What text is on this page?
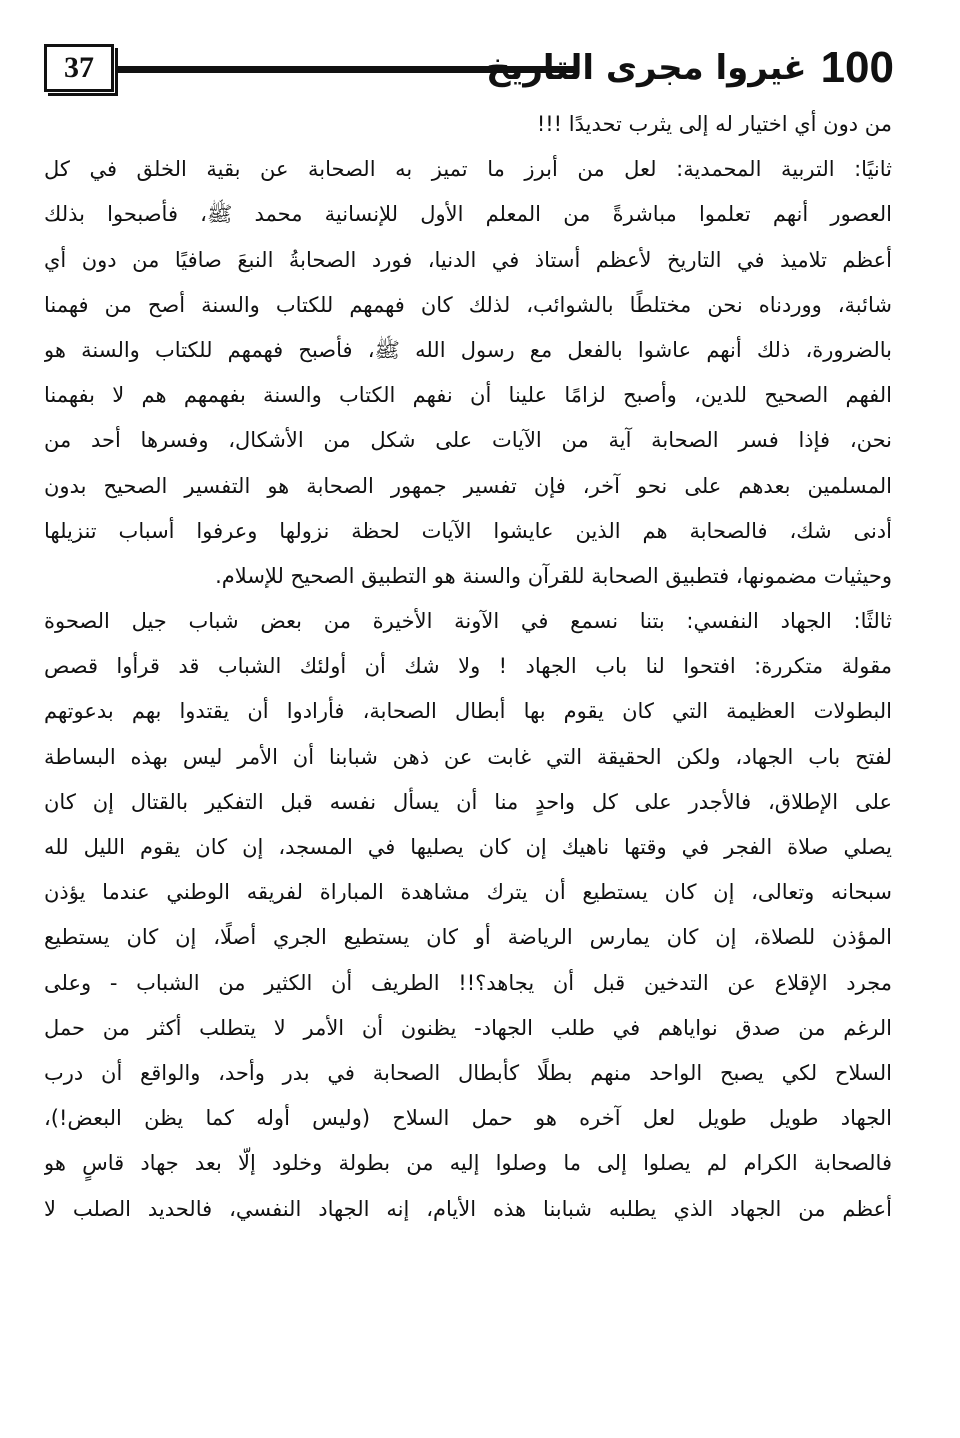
37	100
غيروا مجرى التاريخ
من دون أي اختيار له إلى يثرب تحديدًا !!!
ثانيًا: التربية المحمدية: لعل من أبرز ما تميز به الصحابة عن بقية الخلق في كل
العصور أنهم تعلموا مباشرةً من المعلم الأول للإنسانية محمد ﷺ، فأصبحوا بذلك
أعظم تلاميذ في التاريخ لأعظم أستاذ في الدنيا، فورد الصحابةُ النبعَ صافيًا من دون أي
شائبة، ووردناه نحن مختلطًا بالشوائب، لذلك كان فهمهم للكتاب والسنة أصح من فهمنا
بالضرورة، ذلك أنهم عاشوا بالفعل مع رسول الله ﷺ، فأصبح فهمهم للكتاب والسنة هو
الفهم الصحيح للدين، وأصبح لزامًا علينا أن نفهم الكتاب والسنة بفهمهم هم لا بفهمنا
نحن، فإذا فسر الصحابة آية من الآيات على شكل من الأشكال، وفسرها أحد من
المسلمين بعدهم على نحو آخر، فإن تفسير جمهور الصحابة هو التفسير الصحيح بدون
أدنى شك، فالصحابة هم الذين عايشوا الآيات لحظة نزولها وعرفوا أسباب تنزيلها
وحيثيات مضمونها، فتطبيق الصحابة للقرآن والسنة هو التطبيق الصحيح للإسلام.
ثالثًا: الجهاد النفسي: بتنا نسمع في الآونة الأخيرة من بعض شباب جيل الصحوة
مقولة متكررة: افتحوا لنا باب الجهاد ! ولا شك أن أولئك الشباب قد قرأوا قصص
البطولات العظيمة التي كان يقوم بها أبطال الصحابة، فأرادوا أن يقتدوا بهم بدعوتهم
لفتح باب الجهاد، ولكن الحقيقة التي غابت عن ذهن شبابنا أن الأمر ليس بهذه البساطة
على الإطلاق، فالأجدر على كل واحدٍ منا أن يسأل نفسه قبل التفكير بالقتال إن كان
يصلي صلاة الفجر في وقتها ناهيك إن كان يصليها في المسجد، إن كان يقوم الليل لله
سبحانه وتعالى، إن كان يستطيع أن يترك مشاهدة المباراة لفريقه الوطني عندما يؤذن
المؤذن للصلاة، إن كان يمارس الرياضة أو كان يستطيع الجري أصلًا، إن كان يستطيع
مجرد الإقلاع عن التدخين قبل أن يجاهد؟!! الطريف أن الكثير من الشباب - وعلى
الرغم من صدق نواياهم في طلب الجهاد- يظنون أن الأمر لا يتطلب أكثر من حمل
السلاح لكي يصبح الواحد منهم بطلًا كأبطال الصحابة في بدر وأحد، والواقع أن درب
الجهاد طويل طويل لعل آخره هو حمل السلاح (وليس أوله كما يظن البعض!)،
فالصحابة الكرام لم يصلوا إلى ما وصلوا إليه من بطولة وخلود إلّا بعد جهاد قاسٍ هو
أعظم من الجهاد الذي يطلبه شبابنا هذه الأيام، إنه الجهاد النفسي، فالحديد الصلب لا
